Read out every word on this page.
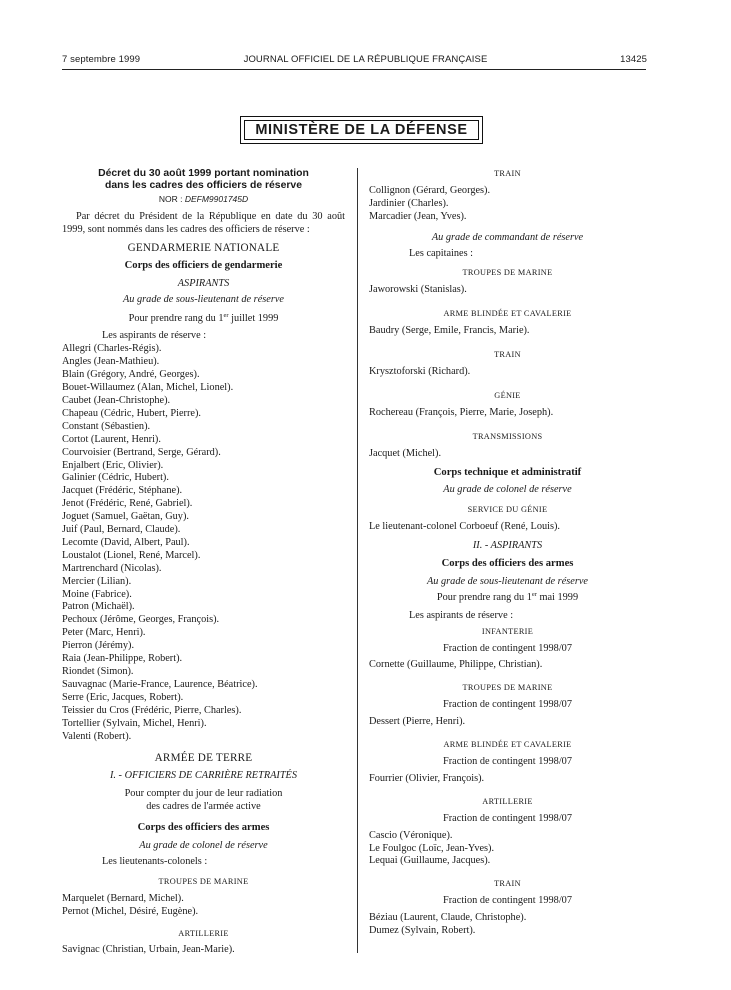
7 septembre 1999	JOURNAL OFFICIEL DE LA RÉPUBLIQUE FRANÇAISE	13425
MINISTÈRE DE LA DÉFENSE
Décret du 30 août 1999 portant nomination
dans les cadres des officiers de réserve
NOR : DEFM9901745D
Par décret du Président de la République en date du 30 août 1999, sont nommés dans les cadres des officiers de réserve :
GENDARMERIE NATIONALE
Corps des officiers de gendarmerie
ASPIRANTS
Au grade de sous-lieutenant de réserve
Pour prendre rang du 1er juillet 1999
Les aspirants de réserve :
Allegri (Charles-Régis).
Angles (Jean-Mathieu).
Blain (Grégory, André, Georges).
Bouet-Willaumez (Alan, Michel, Lionel).
Caubet (Jean-Christophe).
Chapeau (Cédric, Hubert, Pierre).
Constant (Sébastien).
Cortot (Laurent, Henri).
Courvoisier (Bertrand, Serge, Gérard).
Enjalbert (Eric, Olivier).
Galinier (Cédric, Hubert).
Jacquet (Frédéric, Stéphane).
Jenot (Frédéric, René, Gabriel).
Joguet (Samuel, Gaëtan, Guy).
Juif (Paul, Bernard, Claude).
Lecomte (David, Albert, Paul).
Loustalot (Lionel, René, Marcel).
Martrenchard (Nicolas).
Mercier (Lilian).
Moine (Fabrice).
Patron (Michaël).
Pechoux (Jérôme, Georges, François).
Peter (Marc, Henri).
Pierron (Jérémy).
Raia (Jean-Philippe, Robert).
Riondet (Simon).
Sauvagnac (Marie-France, Laurence, Béatrice).
Serre (Eric, Jacques, Robert).
Teissier du Cros (Frédéric, Pierre, Charles).
Tortellier (Sylvain, Michel, Henri).
Valenti (Robert).
ARMÉE DE TERRE
I. - OFFICIERS DE CARRIÈRE RETRAITÉS
Pour compter du jour de leur radiation
des cadres de l'armée active
Corps des officiers des armes
Au grade de colonel de réserve
Les lieutenants-colonels :
TROUPES DE MARINE
Marquelet (Bernard, Michel).
Pernot (Michel, Désiré, Eugène).
ARTILLERIE
Savignac (Christian, Urbain, Jean-Marie).
TRAIN
Collignon (Gérard, Georges).
Jardinier (Charles).
Marcadier (Jean, Yves).
Au grade de commandant de réserve
Les capitaines :
TROUPES DE MARINE
Jaworowski (Stanislas).
ARME BLINDÉE ET CAVALERIE
Baudry (Serge, Emile, Francis, Marie).
TRAIN
Krysztoforski (Richard).
GÉNIE
Rochereau (François, Pierre, Marie, Joseph).
TRANSMISSIONS
Jacquet (Michel).
Corps technique et administratif
Au grade de colonel de réserve
SERVICE DU GÉNIE
Le lieutenant-colonel Corboeuf (René, Louis).
II. - ASPIRANTS
Corps des officiers des armes
Au grade de sous-lieutenant de réserve
Pour prendre rang du 1er mai 1999
Les aspirants de réserve :
INFANTERIE
Fraction de contingent 1998/07
Cornette (Guillaume, Philippe, Christian).
TROUPES DE MARINE
Fraction de contingent 1998/07
Dessert (Pierre, Henri).
ARME BLINDÉE ET CAVALERIE
Fraction de contingent 1998/07
Fourrier (Olivier, François).
ARTILLERIE
Fraction de contingent 1998/07
Cascio (Véronique).
Le Foulgoc (Loïc, Jean-Yves).
Lequai (Guillaume, Jacques).
TRAIN
Fraction de contingent 1998/07
Béziau (Laurent, Claude, Christophe).
Dumez (Sylvain, Robert).
